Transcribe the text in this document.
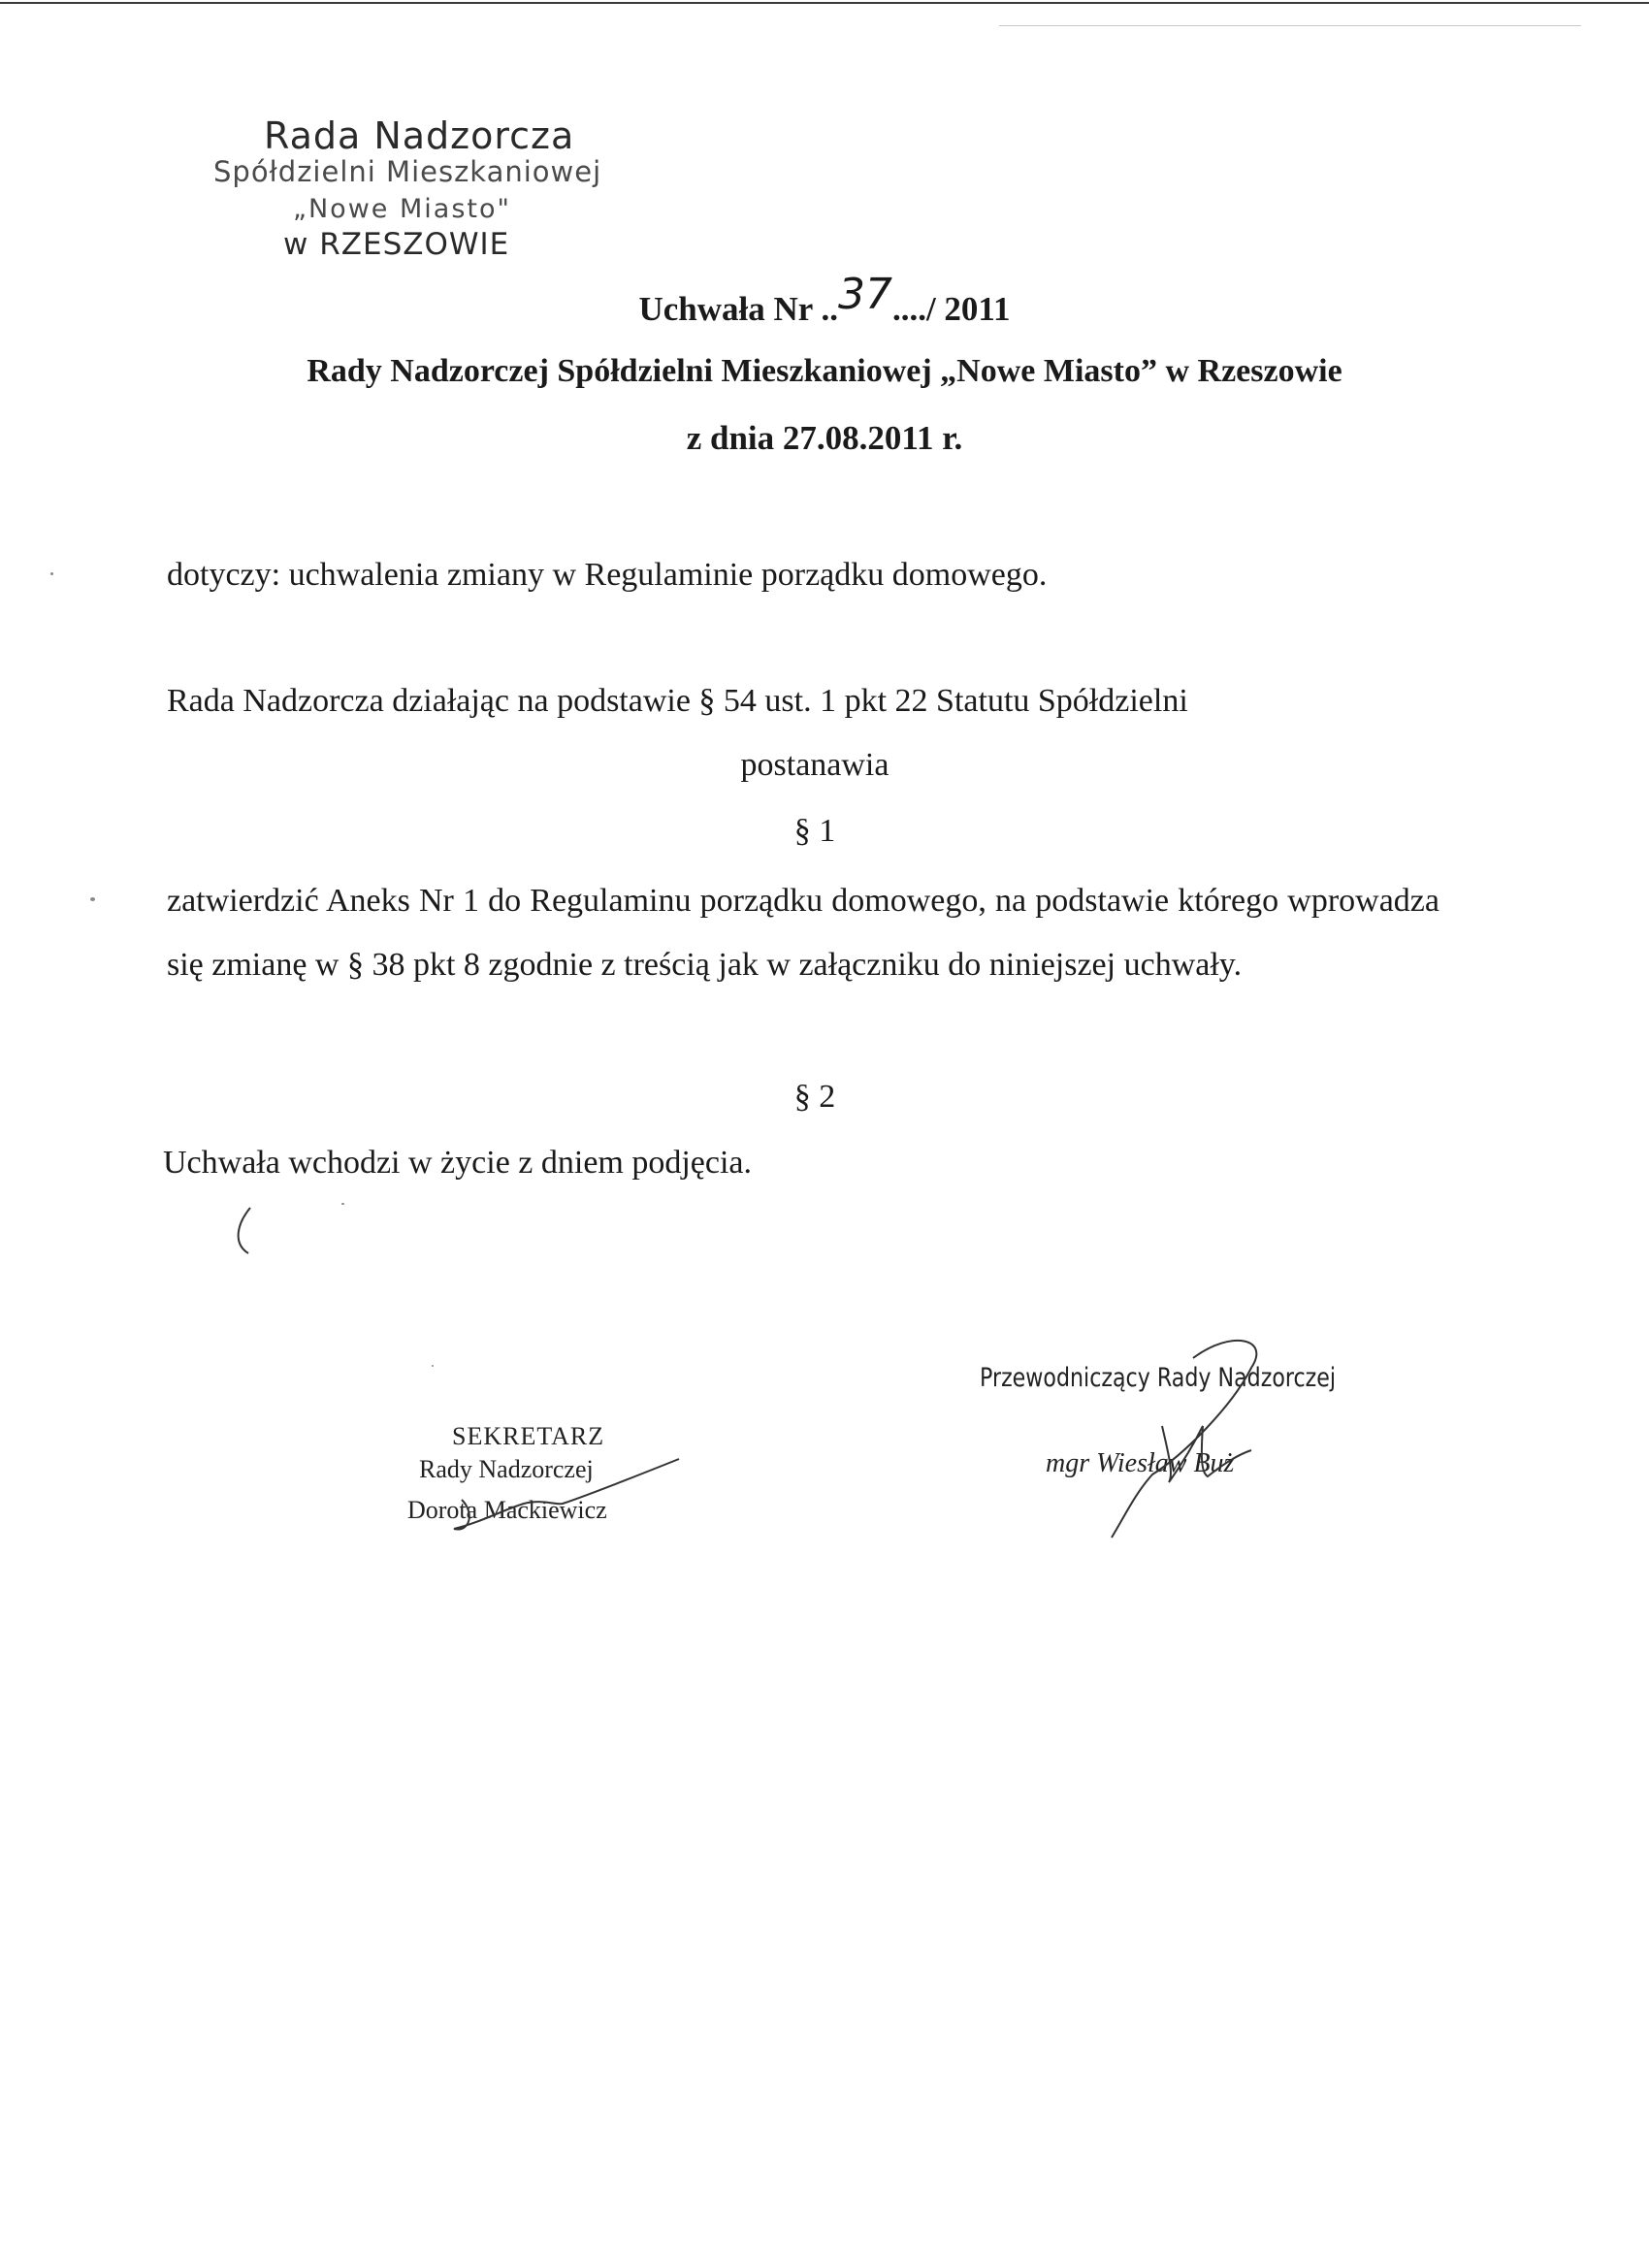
Rada Nadzorcza
Spółdzielni Mieszkaniowej
„Nowe Miasto"
w RZESZOWIE
Uchwała Nr ..37..../ 2011
Rady Nadzorczej Spółdzielni Mieszkaniowej „Nowe Miasto” w Rzeszowie
z dnia 27.08.2011 r.
dotyczy: uchwalenia zmiany w Regulaminie porządku domowego.
Rada Nadzorcza działając na podstawie § 54 ust. 1 pkt 22 Statutu Spółdzielni
postanawia
§ 1
zatwierdzić Aneks Nr 1 do Regulaminu porządku domowego, na podstawie którego wprowadza się zmianę w § 38 pkt 8 zgodnie z treścią jak w załączniku do niniejszej uchwały.
§ 2
Uchwała wchodzi w życie z dniem podjęcia.
SEKRETARZ
Rady Nadzorczej
Dorota Mackiewicz
Przewodniczący Rady Nadzorczej
mgr Wiesław Buż
